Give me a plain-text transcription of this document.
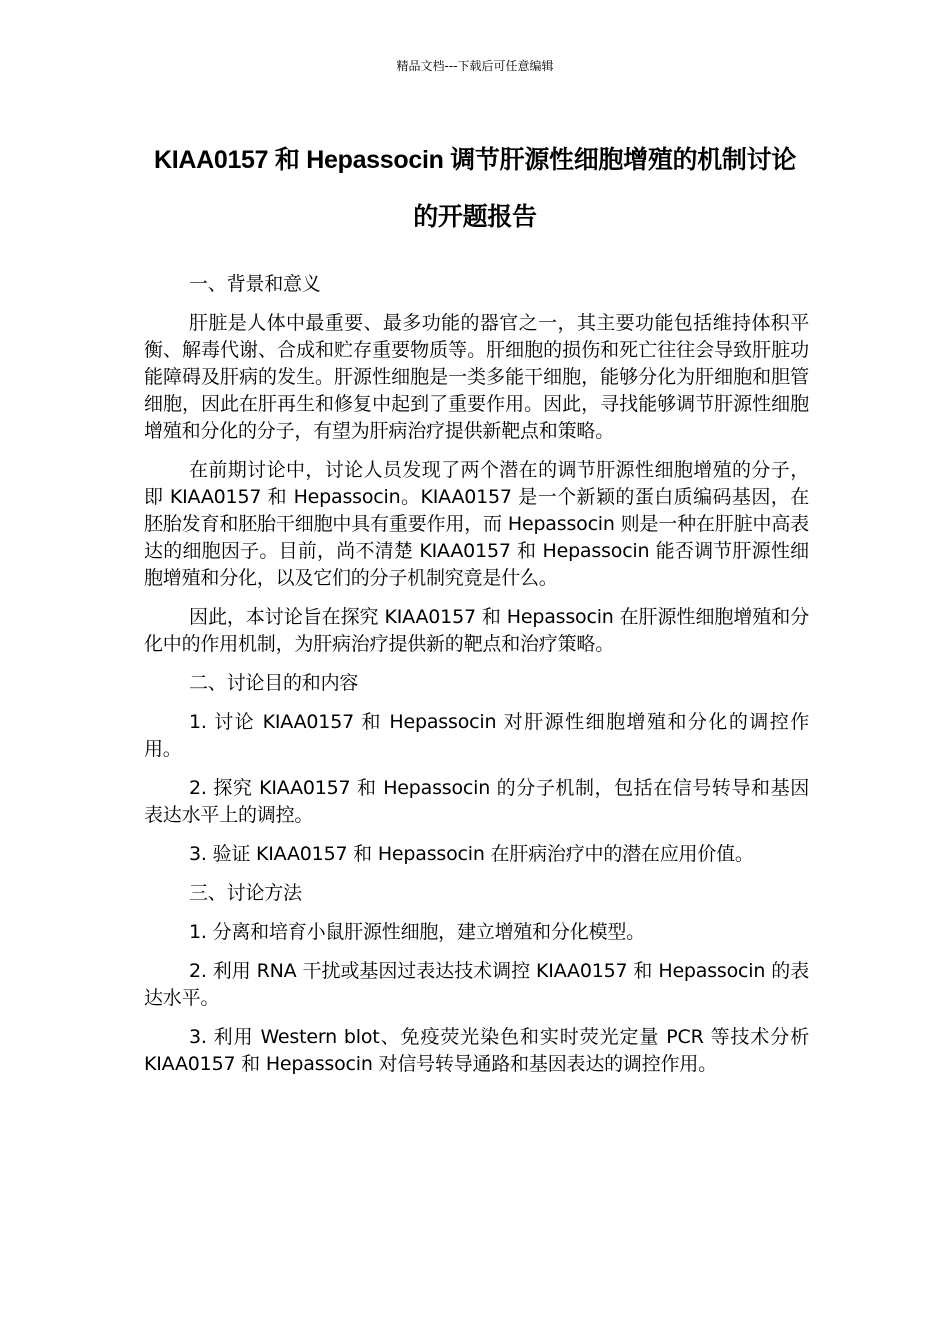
精品文档---下载后可任意编辑
KIAA0157 和 Hepassocin 调节肝源性细胞增殖的机制讨论的开题报告

一、背景和意义

肝脏是人体中最重要、最多功能的器官之一，其主要功能包括维持体积平衡、解毒代谢、合成和贮存重要物质等。肝细胞的损伤和死亡往往会导致肝脏功能障碍及肝病的发生。肝源性细胞是一类多能干细胞，能够分化为肝细胞和胆管细胞，因此在肝再生和修复中起到了重要作用。因此，寻找能够调节肝源性细胞增殖和分化的分子，有望为肝病治疗提供新靶点和策略。

在前期讨论中，讨论人员发现了两个潜在的调节肝源性细胞增殖的分子，即 KIAA0157 和 Hepassocin。KIAA0157 是一个新颖的蛋白质编码基因，在胚胎发育和胚胎干细胞中具有重要作用，而 Hepassocin 则是一种在肝脏中高表达的细胞因子。目前，尚不清楚 KIAA0157 和 Hepassocin 能否调节肝源性细胞增殖和分化，以及它们的分子机制究竟是什么。

因此，本讨论旨在探究 KIAA0157 和 Hepassocin 在肝源性细胞增殖和分化中的作用机制，为肝病治疗提供新的靶点和治疗策略。

二、讨论目的和内容

1. 讨论 KIAA0157 和 Hepassocin 对肝源性细胞增殖和分化的调控作用。

2. 探究 KIAA0157 和 Hepassocin 的分子机制，包括在信号转导和基因表达水平上的调控。

3. 验证 KIAA0157 和 Hepassocin 在肝病治疗中的潜在应用价值。

三、讨论方法

1. 分离和培育小鼠肝源性细胞，建立增殖和分化模型。

2. 利用 RNA 干扰或基因过表达技术调控 KIAA0157 和 Hepassocin 的表达水平。

3. 利用 Western blot、免疫荧光染色和实时荧光定量 PCR 等技术分析 KIAA0157 和 Hepassocin 对信号转导通路和基因表达的调控作用。
